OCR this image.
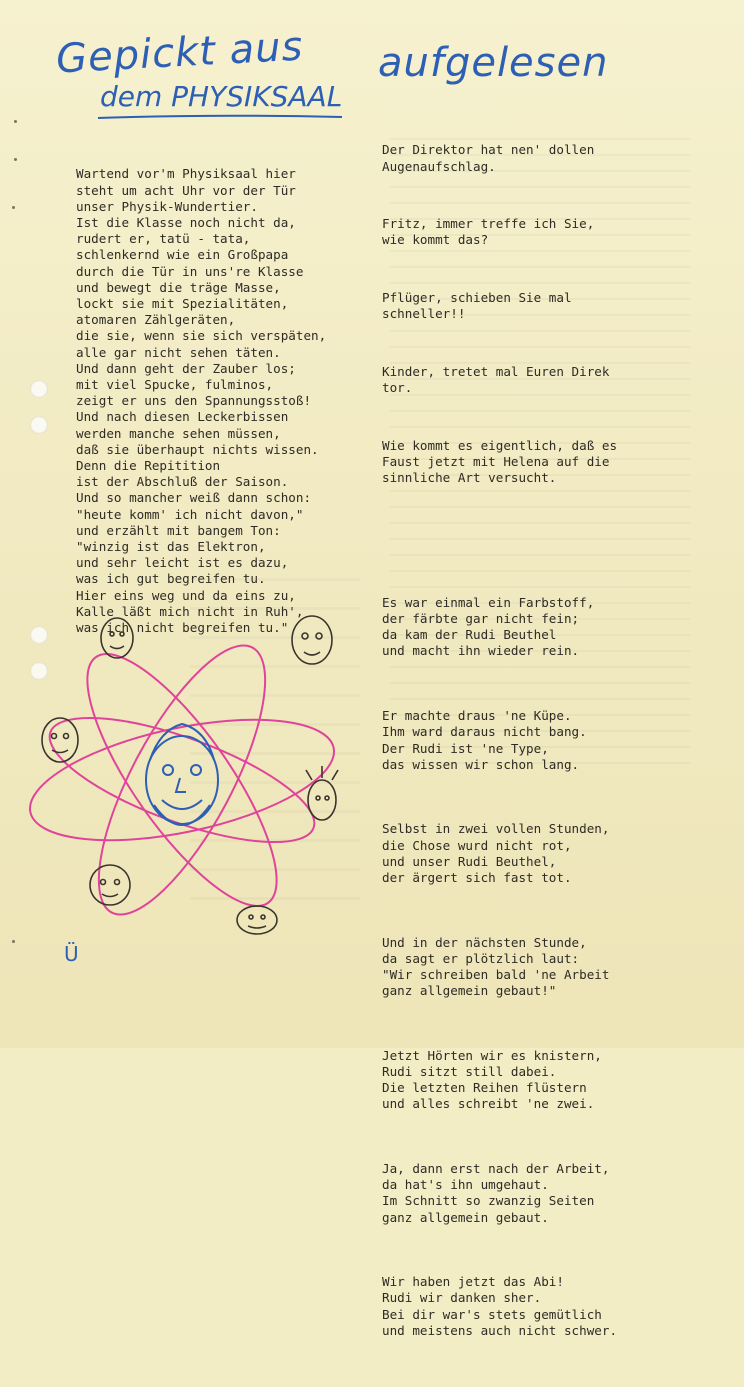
Gepickt aus
dem PHYSIKSAAL
aufgelesen

Wartend vor'm Physiksaal hier
steht um acht Uhr vor der Tür
unser Physik-Wundertier.
Ist die Klasse noch nicht da,
rudert er, tatü - tata,
schlenkernd wie ein Großpapa
durch die Tür in uns're Klasse
und bewegt die träge Masse,
lockt sie mit Spezialitäten,
atomaren Zählgeräten,
die sie, wenn sie sich verspäten,
alle gar nicht sehen täten.
Und dann geht der Zauber los;
mit viel Spucke, fulminos,
zeigt er uns den Spannungsstoß!
Und nach diesen Leckerbissen
werden manche sehen müssen,
daß sie überhaupt nichts wissen.
Denn die Repitition
ist der Abschluß der Saison.
Und so mancher weiß dann schon:
"heute komm' ich nicht davon,"
und erzählt mit bangem Ton:
"winzig ist das Elektron,
und sehr leicht ist es dazu,
was ich gut begreifen tu.
Hier eins weg und da eins zu,
Kalle läßt mich nicht in Ruh',
was ich nicht begreifen tu."

Der Direktor hat nen' dollen
Augenaufschlag.

Fritz, immer treffe ich Sie,
wie kommt das?

Pflüger, schieben Sie mal
schneller!!

Kinder, tretet mal Euren Direk
tor.

Wie kommt es eigentlich, daß es
Faust jetzt mit Helena auf die
sinnliche Art versucht.

Es war einmal ein Farbstoff,
der färbte gar nicht fein;
da kam der Rudi Beuthel
und macht ihn wieder rein.

Er machte draus 'ne Küpe.
Ihm ward daraus nicht bang.
Der Rudi ist 'ne Type,
das wissen wir schon lang.

Selbst in zwei vollen Stunden,
die Chose wurd nicht rot,
und unser Rudi Beuthel,
der ärgert sich fast tot.

Und in der nächsten Stunde,
da sagt er plötzlich laut:
"Wir schreiben bald 'ne Arbeit
ganz allgemein gebaut!"

Jetzt Hörten wir es knistern,
Rudi sitzt still dabei.
Die letzten Reihen flüstern
und alles schreibt 'ne zwei.

Ja, dann erst nach der Arbeit,
da hat's ihn umgehaut.
Im Schnitt so zwanzig Seiten
ganz allgemein gebaut.

Wir haben jetzt das Abi!
Rudi wir danken sher.
Bei dir war's stets gemütlich
und meistens auch nicht schwer.

Ü
